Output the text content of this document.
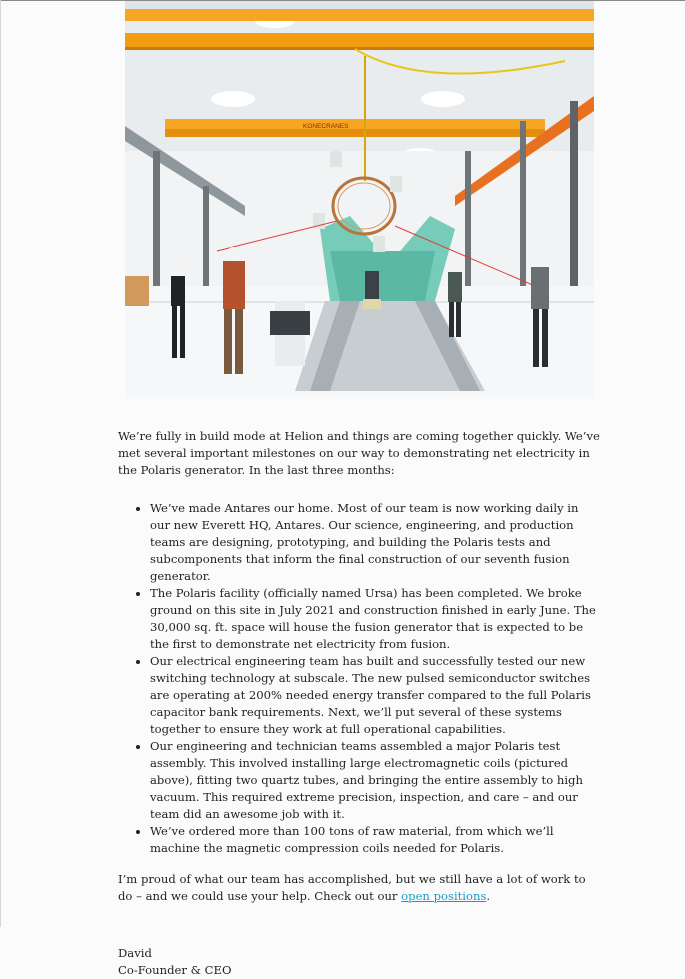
KONECRANES

We’re fully in build mode at Helion and things are coming together quickly. We’ve met several important milestones on our way to demonstrating net electricity in the Polaris generator. In the last three months:

• We’ve made Antares our home. Most of our team is now working daily in our new Everett HQ, Antares. Our science, engineering, and production teams are designing, prototyping, and building the Polaris tests and subcomponents that inform the final construction of our seventh fusion generator.
• The Polaris facility (officially named Ursa) has been completed. We broke ground on this site in July 2021 and construction finished in early June. The 30,000 sq. ft. space will house the fusion generator that is expected to be the first to demonstrate net electricity from fusion.
• Our electrical engineering team has built and successfully tested our new switching technology at subscale. The new pulsed semiconductor switches are operating at 200% needed energy transfer compared to the full Polaris capacitor bank requirements. Next, we’ll put several of these systems together to ensure they work at full operational capabilities.
• Our engineering and technician teams assembled a major Polaris test assembly. This involved installing large electromagnetic coils (pictured above), fitting two quartz tubes, and bringing the entire assembly to high vacuum. This required extreme precision, inspection, and care – and our team did an awesome job with it.
• We’ve ordered more than 100 tons of raw material, from which we’ll machine the magnetic compression coils needed for Polaris.

I’m proud of what our team has accomplished, but we still have a lot of work to do – and we could use your help. Check out our open positions.

David
Co-Founder & CEO
